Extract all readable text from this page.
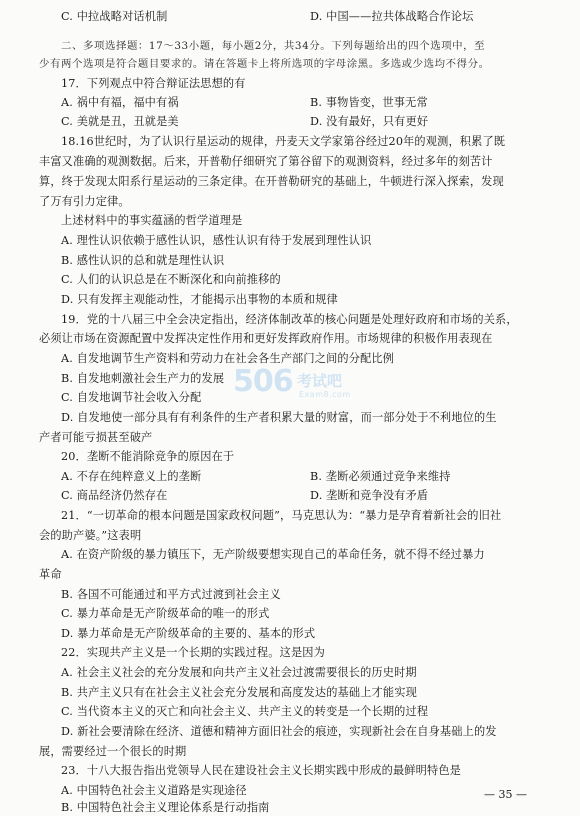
C. 中拉战略对话机制	D. 中国——拉共体战略合作论坛
二、多项选择题：17～33小题，每小题2分，共34分。下列每题给出的四个选项中，至
少有两个选项是符合题目要求的。请在答题卡上将所选项的字母涂黑。多选或少选均不得分。
17．下列观点中符合辩证法思想的有
A. 祸中有福，福中有祸	B. 事物皆变，世事无常
C. 美就是丑，丑就是美	D. 没有最好，只有更好
18.16世纪时，为了认识行星运动的规律，丹麦天文学家第谷经过20年的观测，积累了既
丰富又准确的观测数据。后来，开普勒仔细研究了第谷留下的观测资料，经过多年的刻苦计
算，终于发现太阳系行星运动的三条定律。在开普勒研究的基础上，牛顿进行深入探索，发现
了万有引力定律。
上述材料中的事实蕴涵的哲学道理是
A. 理性认识依赖于感性认识，感性认识有待于发展到理性认识
B. 感性认识的总和就是理性认识
C. 人们的认识总是在不断深化和向前推移的
D. 只有发挥主观能动性，才能揭示出事物的本质和规律
19．党的十八届三中全会决定指出，经济体制改革的核心问题是处理好政府和市场的关系，
必须让市场在资源配置中发挥决定性作用和更好发挥政府作用。市场规律的积极作用表现在
A. 自发地调节生产资料和劳动力在社会各生产部门之间的分配比例
B. 自发地刺激社会生产力的发展
C. 自发地调节社会收入分配
D. 自发地使一部分具有有利条件的生产者积累大量的财富，而一部分处于不利地位的生
产者可能亏损甚至破产
506 考试吧
Exam8.com
20．垄断不能消除竞争的原因在于
A. 不存在纯粹意义上的垄断	B. 垄断必须通过竞争来维持
C. 商品经济仍然存在	D. 垄断和竞争没有矛盾
21．“一切革命的根本问题是国家政权问题”，马克思认为：“暴力是孕育着新社会的旧社
会的助产婆。”这表明
A. 在资产阶级的暴力镇压下，无产阶级要想实现自己的革命任务，就不得不经过暴力
革命
B. 各国不可能通过和平方式过渡到社会主义
C. 暴力革命是无产阶级革命的唯一的形式
D. 暴力革命是无产阶级革命的主要的、基本的形式
22．实现共产主义是一个长期的实践过程。这是因为
A. 社会主义社会的充分发展和向共产主义社会过渡需要很长的历史时期
B. 共产主义只有在社会主义社会充分发展和高度发达的基础上才能实现
C. 当代资本主义的灭亡和向社会主义、共产主义的转变是一个长期的过程
D. 新社会要清除在经济、道德和精神方面旧社会的痕迹，实现新社会在自身基础上的发
展，需要经过一个很长的时期
23．十八大报告指出党领导人民在建设社会主义长期实践中形成的最鲜明特色是
A. 中国特色社会主义道路是实现途径
B. 中国特色社会主义理论体系是行动指南
— 35 —
